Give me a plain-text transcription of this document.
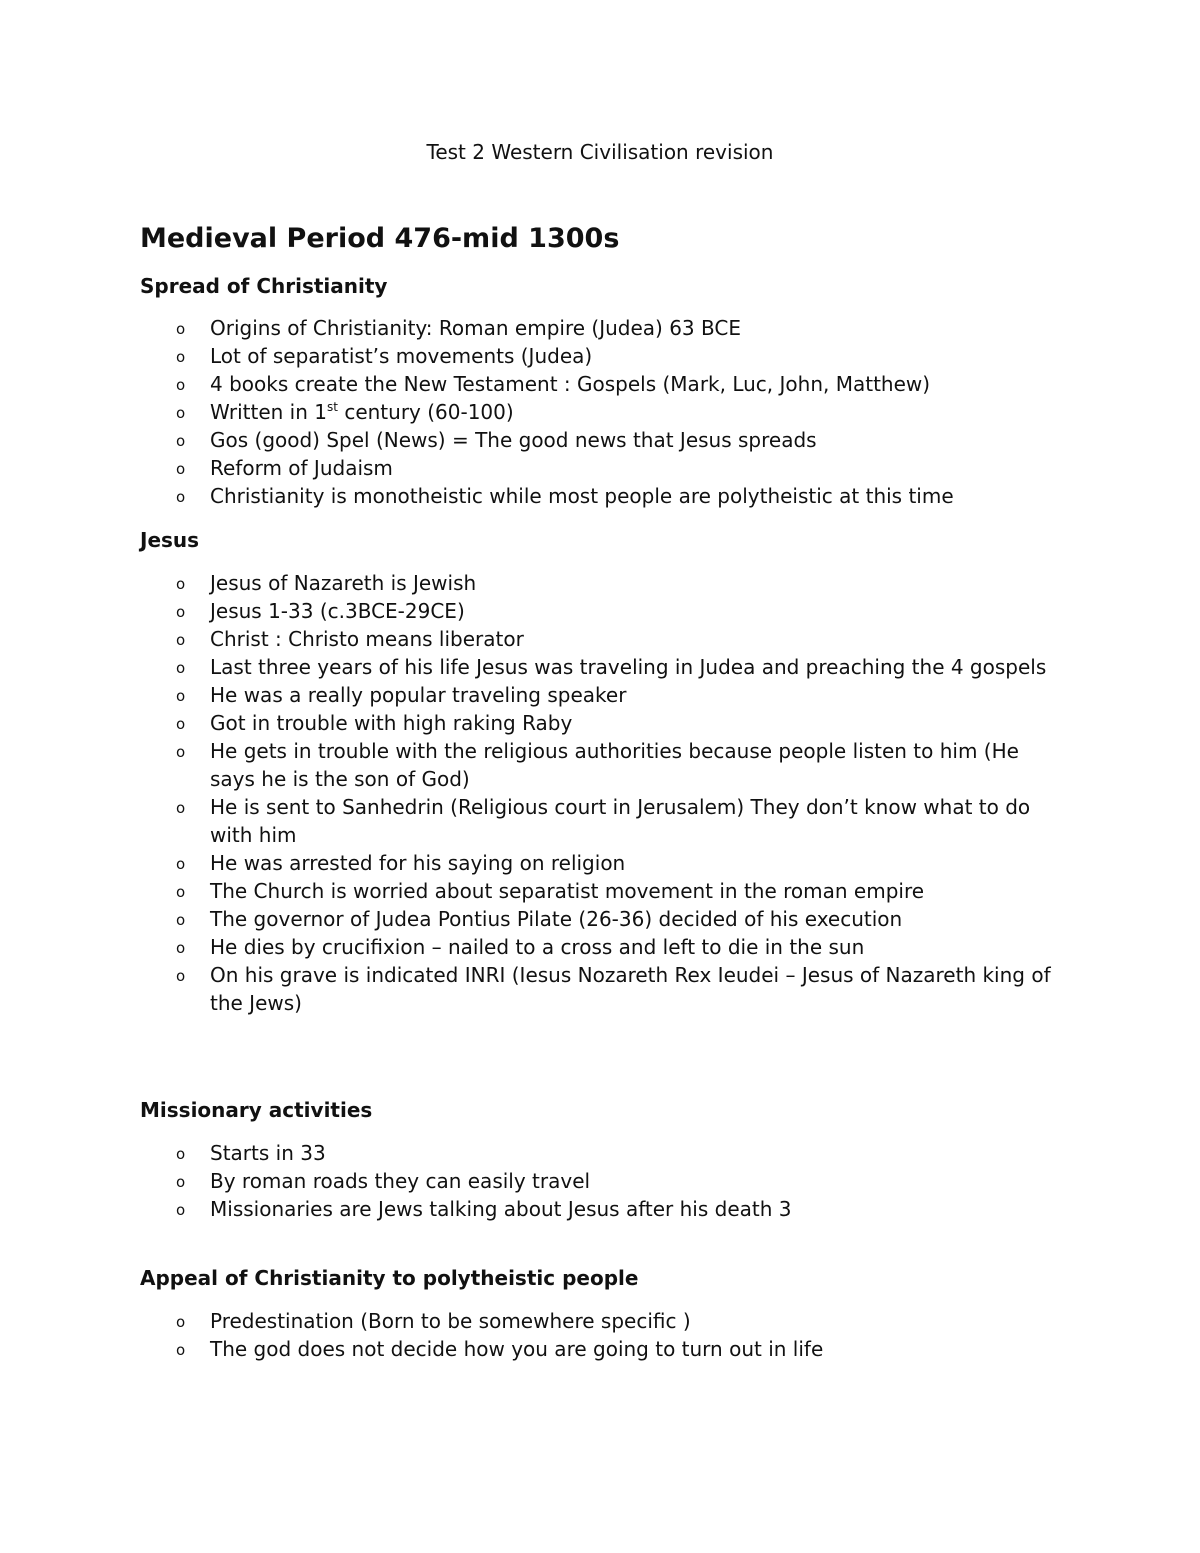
Test 2 Western Civilisation revision
Medieval Period 476-mid 1300s
Spread of Christianity
o Origins of Christianity: Roman empire (Judea) 63 BCE
o Lot of separatist’s movements (Judea)
o 4 books create the New Testament : Gospels (Mark, Luc, John, Matthew)
o Written in 1st century (60-100)
o Gos (good) Spel (News) = The good news that Jesus spreads
o Reform of Judaism
o Christianity is monotheistic while most people are polytheistic at this time
Jesus
o Jesus of Nazareth is Jewish
o Jesus 1-33 (c.3BCE-29CE)
o Christ : Christo means liberator
o Last three years of his life Jesus was traveling in Judea and preaching the 4 gospels
o He was a really popular traveling speaker
o Got in trouble with high raking Raby
o He gets in trouble with the religious authorities because people listen to him (He says he is the son of God)
o He is sent to Sanhedrin (Religious court in Jerusalem) They don’t know what to do with him
o He was arrested for his saying on religion
o The Church is worried about separatist movement in the roman empire
o The governor of Judea Pontius Pilate (26-36) decided of his execution
o He dies by crucifixion – nailed to a cross and left to die in the sun
o On his grave is indicated INRI (Iesus Nozareth Rex Ieudei – Jesus of Nazareth king of the Jews)
Missionary activities
o Starts in 33
o By roman roads they can easily travel
o Missionaries are Jews talking about Jesus after his death 3
Appeal of Christianity to polytheistic people
o Predestination (Born to be somewhere specific )
o The god does not decide how you are going to turn out in life
